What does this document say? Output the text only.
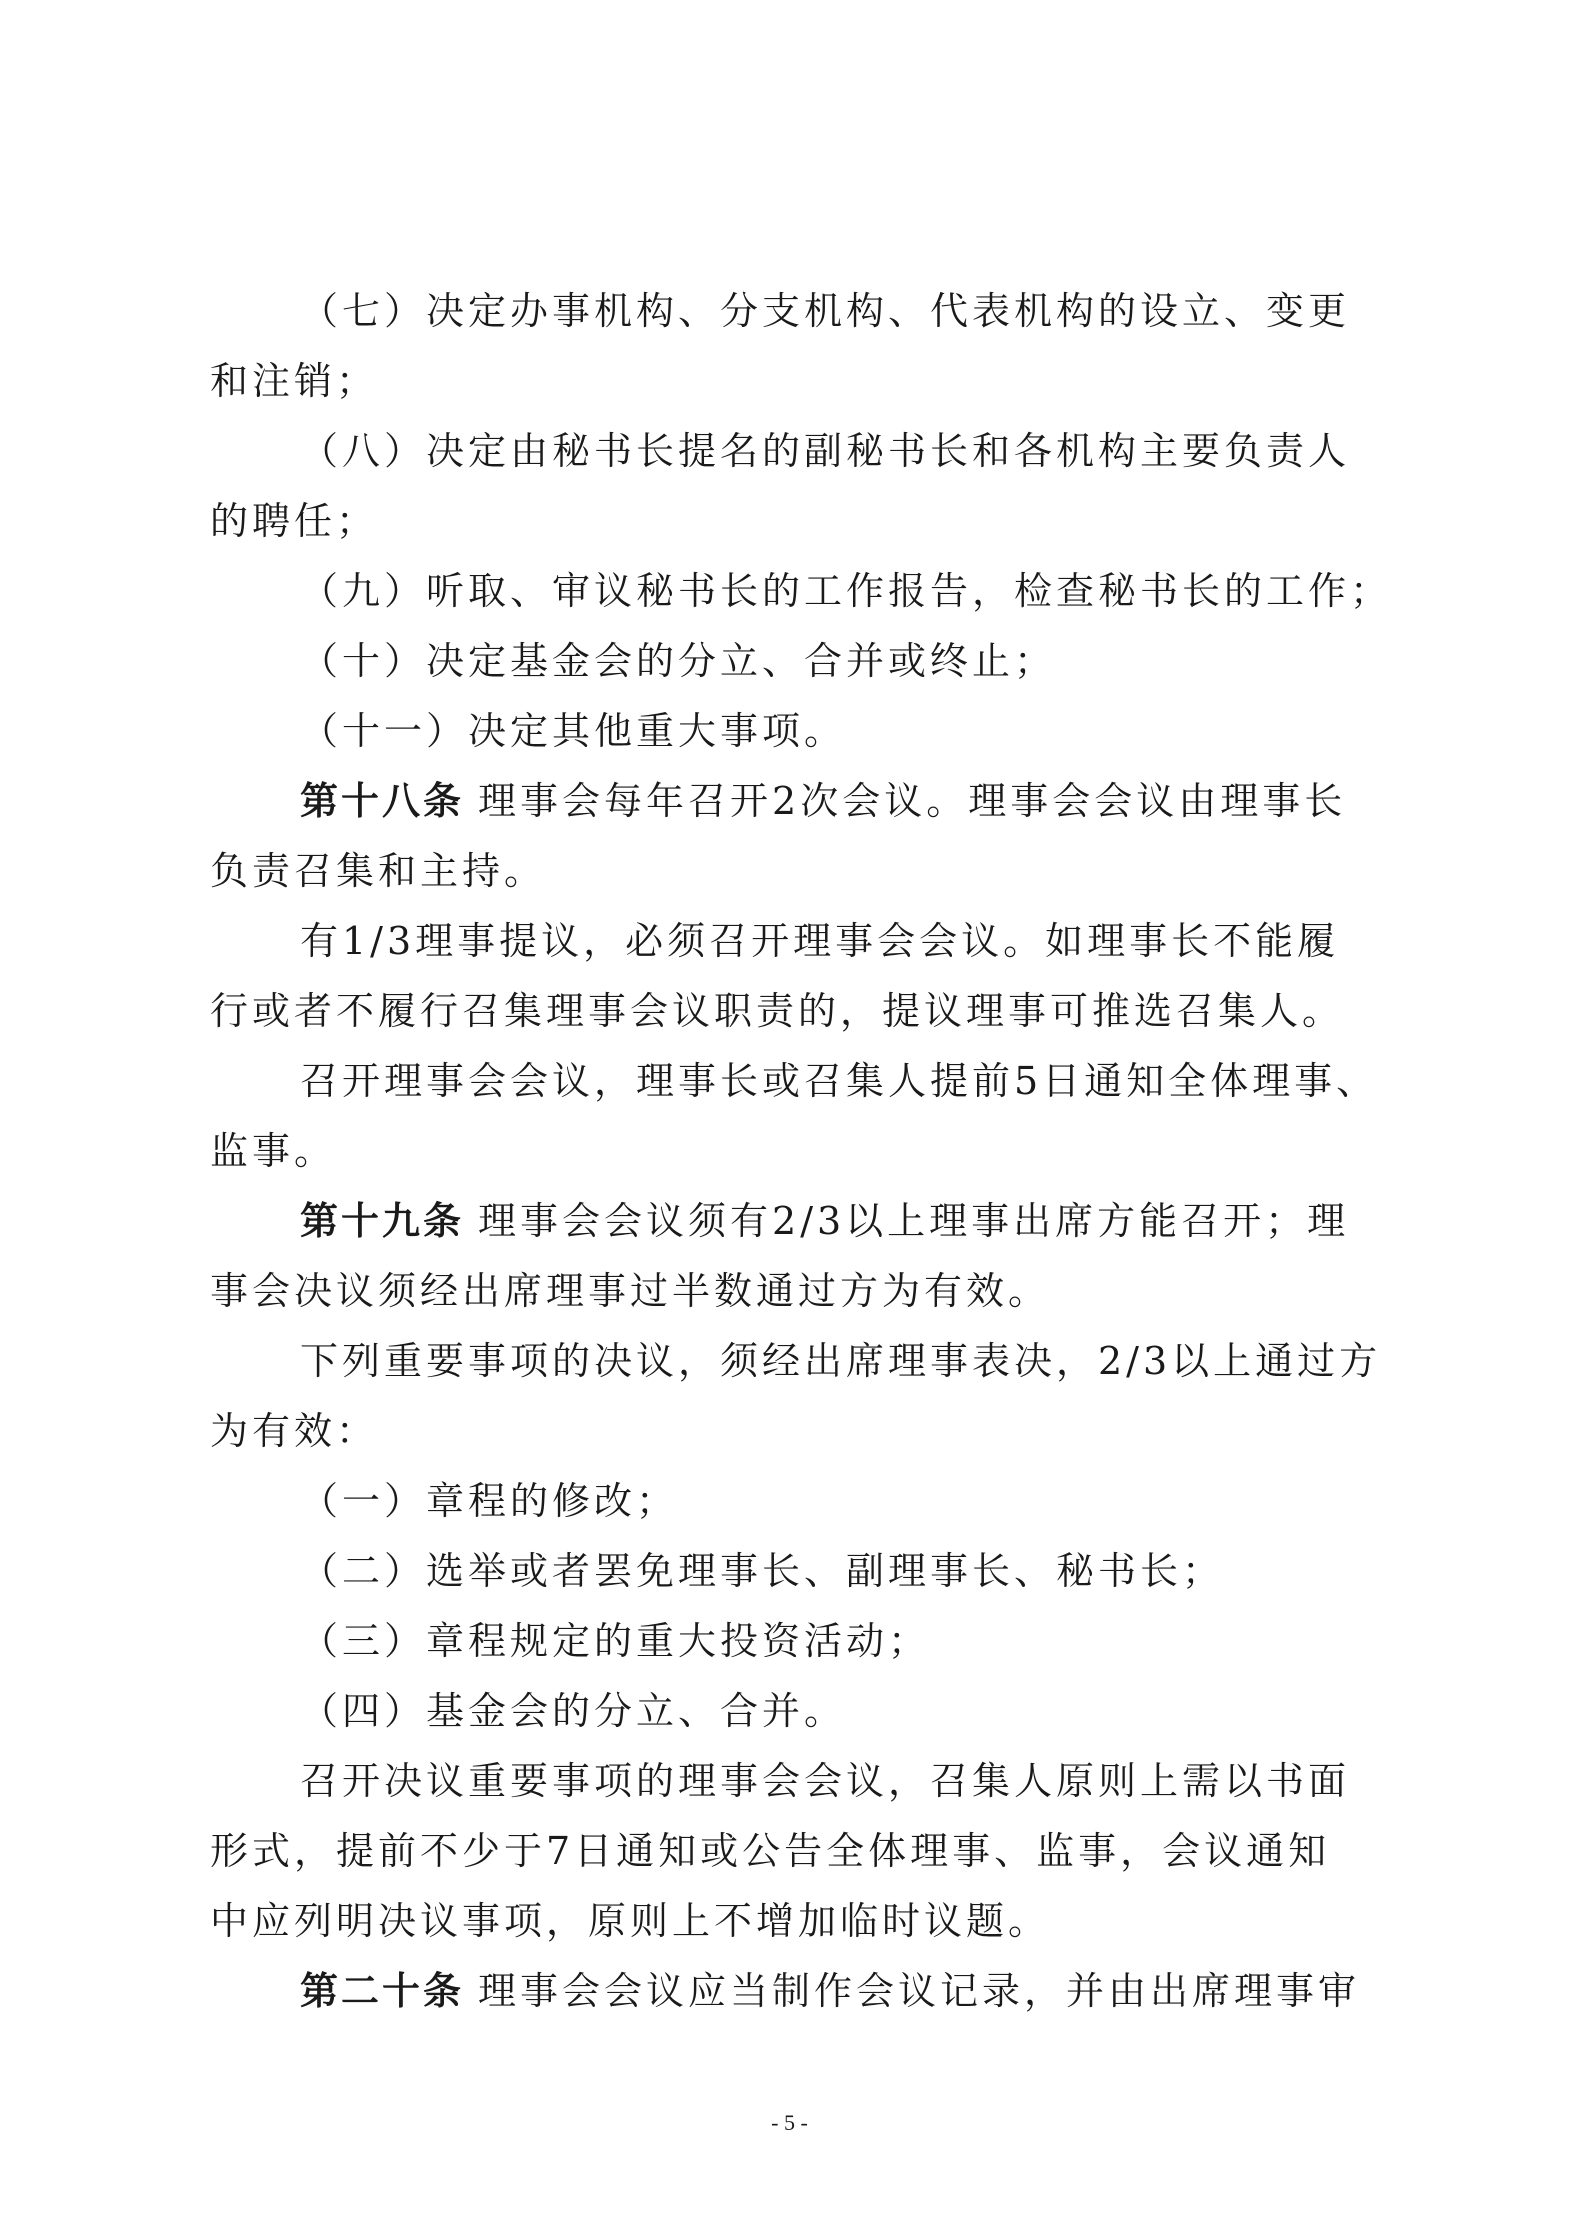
（七）决定办事机构、分支机构、代表机构的设立、变更
和注销；
（八）决定由秘书长提名的副秘书长和各机构主要负责人
的聘任；
（九）听取、审议秘书长的工作报告，检查秘书长的工作；
（十）决定基金会的分立、合并或终止；
（十一）决定其他重大事项。
第十八条 理事会每年召开2次会议。理事会会议由理事长
负责召集和主持。
有1/3理事提议，必须召开理事会会议。如理事长不能履
行或者不履行召集理事会议职责的，提议理事可推选召集人。
召开理事会会议，理事长或召集人提前5日通知全体理事、
监事。
第十九条 理事会会议须有2/3以上理事出席方能召开；理
事会决议须经出席理事过半数通过方为有效。
下列重要事项的决议，须经出席理事表决，2/3以上通过方
为有效：
（一）章程的修改；
（二）选举或者罢免理事长、副理事长、秘书长；
（三）章程规定的重大投资活动；
（四）基金会的分立、合并。
召开决议重要事项的理事会会议，召集人原则上需以书面
形式，提前不少于7日通知或公告全体理事、监事，会议通知
中应列明决议事项，原则上不增加临时议题。
第二十条 理事会会议应当制作会议记录，并由出席理事审
- 5 -
